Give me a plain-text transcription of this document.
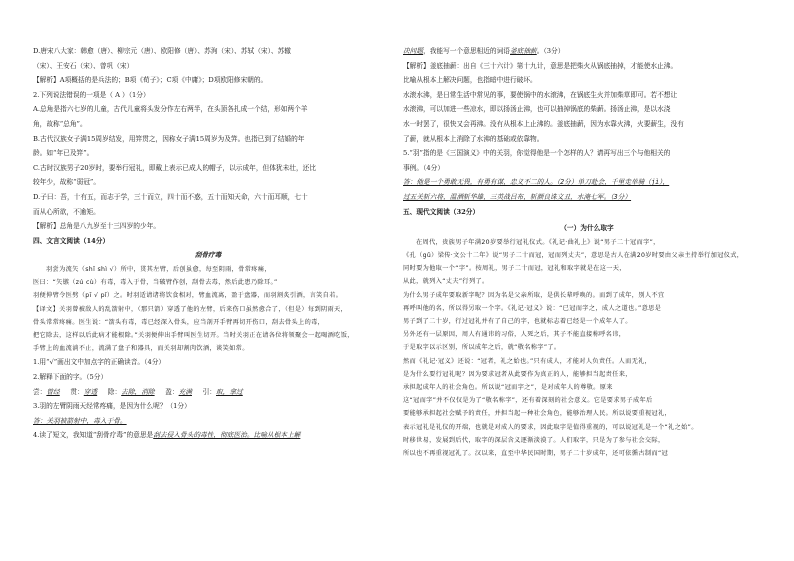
D.唐宋八大家：韩愈（唐）、柳宗元（唐）、欧阳修（唐）、苏洵（宋）、苏轼（宋）、苏辙
（宋）、王安石（宋）、曾巩（宋）
【解析】A项概括的是兵法的；B项《荀子》；C项《中庸》；D项欧阳修宋朝的。
2.下列说法错误的一项是（ A ）（1分）
A.总角是指六七岁的儿童，古代儿童将头发分作左右两半，在头顶各扎成一个结，形如两个羊
角，故称“总角”。
B.古代汉族女子满15周岁结发，用笄贯之，因称女子满15周岁为及笄。也指已到了结婚的年
龄。如“年已及笄”。
C.古时汉族男子20岁时，要举行冠礼，即戴上表示已成人的帽子，以示成年，但体犹未壮，还比
较年少，故称“弱冠”。
D.子曰：吾，十有五，而志于学，三十而立，四十而不惑，五十而知天命，六十而耳顺，七十
而从心所欲，不逾矩。
【解析】总角是八九岁至十三四岁的少年。
四、文言文阅读（14分）
刮骨疗毒
羽尝为流矢（shǐ shì √）所中，贯其左臂，后创虽愈，每至阴雨，骨常疼痛，
医曰：“矢镞（zú cù）有毒，毒入于骨，当破臂作创，刮骨去毒，然后此患乃除耳。”
羽便伸臂令医劈（pī √ pǐ）之。时羽适请诸将饮食相对，臂血流离，盈于盘器，而羽割炙引酒，言笑自若。
【译文】关羽曾被敌人的乱箭射中，（那只箭）穿透了他的左臂，后来伤口虽然愈合了，（但是）每到阴雨天，
骨头常常疼痛。医生说：“箭头有毒，毒已经深入骨头，应当剖开手臂再切开伤口，刮去骨头上的毒，
把它除去，这样以后此病才能根除。”关羽便伸出手臂叫医生切开。当时关羽正在请各位将领聚会一起喝酒吃饭，
手臂上的血流淌不止，流满了盘子和器具，而关羽却割肉饮酒，谈笑如常。
1.用“√”画出文中加点字的正确读音。（4分）
2.解释下面的字。（5分）
尝：曾经 贯：穿透 除：去除，消除 盈：充满 引：取，拿过
3.羽的左臂阴雨天经常疼痛，是因为什么呢？（1分）
答：关羽被箭射中，毒入于骨。
4.读了短文，我知道“刮骨疗毒”的意思是刮去侵入骨头的毒性，彻底医治。比喻从根本上解
决问题，我能写一个意思相近的词语釜底抽薪。（3分）
【解析】釜底抽薪：出自《三十六计》第十九计，意思是把柴火从锅底抽掉，才能使水止沸。
比喻从根本上解决问题，也指暗中进行破坏。
水滚水沸，是日常生活中常见的事，要使锅中的水滚沸，在锅底生火并加柴草即可。若不想让
水滚沸，可以加进一些凉水，即以扬汤止沸，也可以抽掉锅底的柴薪。扬汤止沸，是以水浇
水一时罢了，很快又会再沸。没有从根本上止沸的。釜底抽薪，因为水靠火沸，火要薪生，没有
了薪，就从根本上消除了水沸的基础或依靠物。
5.“羽”指的是《三国演义》中的关羽，你觉得他是一个怎样的人？请再写出三个与他相关的
事例。（4分）
答：他是一个勇敢无畏，有勇有谋，忠义不二的人。（2分）单刀赴会，千里走单骑（jì），
过五关斩六将，温酒斩华雄，三英战吕布，斩颜良诛文丑，水淹七军。（3分）
五、现代文阅读（32分）
（一）为什么取字
在周代，贵族男子年满20岁要举行冠礼仪式。《礼记·曲礼上》说“男子二十冠而字”，
《孔（gǔ）梁传·文公十二年》说“男子二十而冠，冠而列丈夫”，意思是古人在满20岁时要由父亲主持举行加冠仪式，
同时要为他取一个“字”。按周礼，男子二十而冠，冠礼和取字就是在这一天，
从此，就列入“丈夫”行列了。
为什么男子成年要取新字呢？因为名是父亲所取，是供长辈呼唤的。而到了成年，别人不宜
再呼叫他的名，所以得另取一个字。《礼记·冠义》说：“已冠而字之，成人之道也。”意思是
男子到了二十岁，行过冠礼并有了自己的字，也就标志着已经是一个成年人了。
另外还有一层原因，周人有通讳的习俗，人死之后，其子不能直接称呼名讳，
于是取字以示区别，所以成年之后，就“敬名称字”了。
然而《礼记·冠义》还说：“冠者，礼之始也。”只有成人，才能对人负责任。人而无礼，
是为什么要行冠礼呢？因为要求冠者从此要作为真正的人，能够担当起责任来，
承担起成年人的社会角色。所以说“冠而字之”，是对成年人的尊敬。原来
这“冠而字”并不仅仅是为了“敬名称字”，还有着深刻的社会意义。它是要求男子成年后
要能够承担起社会赋予的责任，并担当起一种社会角色，能够治理人民。所以说要重视冠礼，
表示冠礼是礼仪的开端，也就是对成人的要求，因此取字是值得重视的，可以说冠礼是一个“礼之始”。
时移世易，发展到后代，取字的深层含义逐渐淡漠了。人们取字，只是为了参与社会交际，
所以也不再重视冠礼了。汉以来，直至中华民国时期，男子二十岁成年，还可依循古制而“冠
